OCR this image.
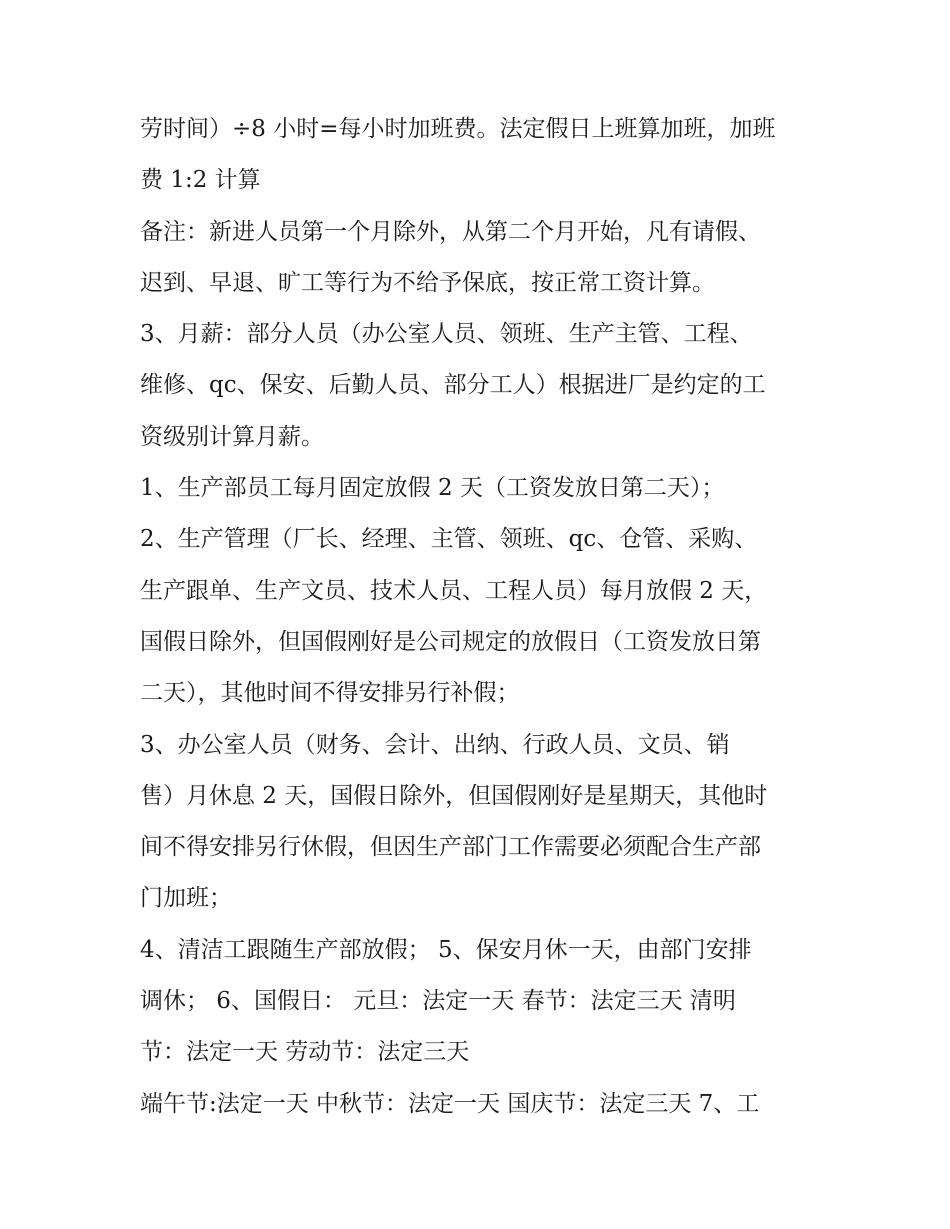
劳时间）÷8 小时=每小时加班费。法定假日上班算加班，加班
费 1:2 计算
备注：新进人员第一个月除外，从第二个月开始，凡有请假、
迟到、早退、旷工等行为不给予保底，按正常工资计算。
3、月薪：部分人员（办公室人员、领班、生产主管、工程、
维修、qc、保安、后勤人员、部分工人）根据进厂是约定的工
资级别计算月薪。
1、生产部员工每月固定放假 2 天（工资发放日第二天）；
2、生产管理（厂长、经理、主管、领班、qc、仓管、采购、
生产跟单、生产文员、技术人员、工程人员）每月放假 2 天，
国假日除外，但国假刚好是公司规定的放假日（工资发放日第
二天），其他时间不得安排另行补假；
3、办公室人员（财务、会计、出纳、行政人员、文员、销
售）月休息 2 天，国假日除外，但国假刚好是星期天，其他时
间不得安排另行休假，但因生产部门工作需要必须配合生产部
门加班；
4、清洁工跟随生产部放假； 5、保安月休一天，由部门安排
调休； 6、国假日： 元旦：法定一天 春节：法定三天 清明
节：法定一天 劳动节：法定三天
端午节:法定一天 中秋节：法定一天 国庆节：法定三天 7、工
